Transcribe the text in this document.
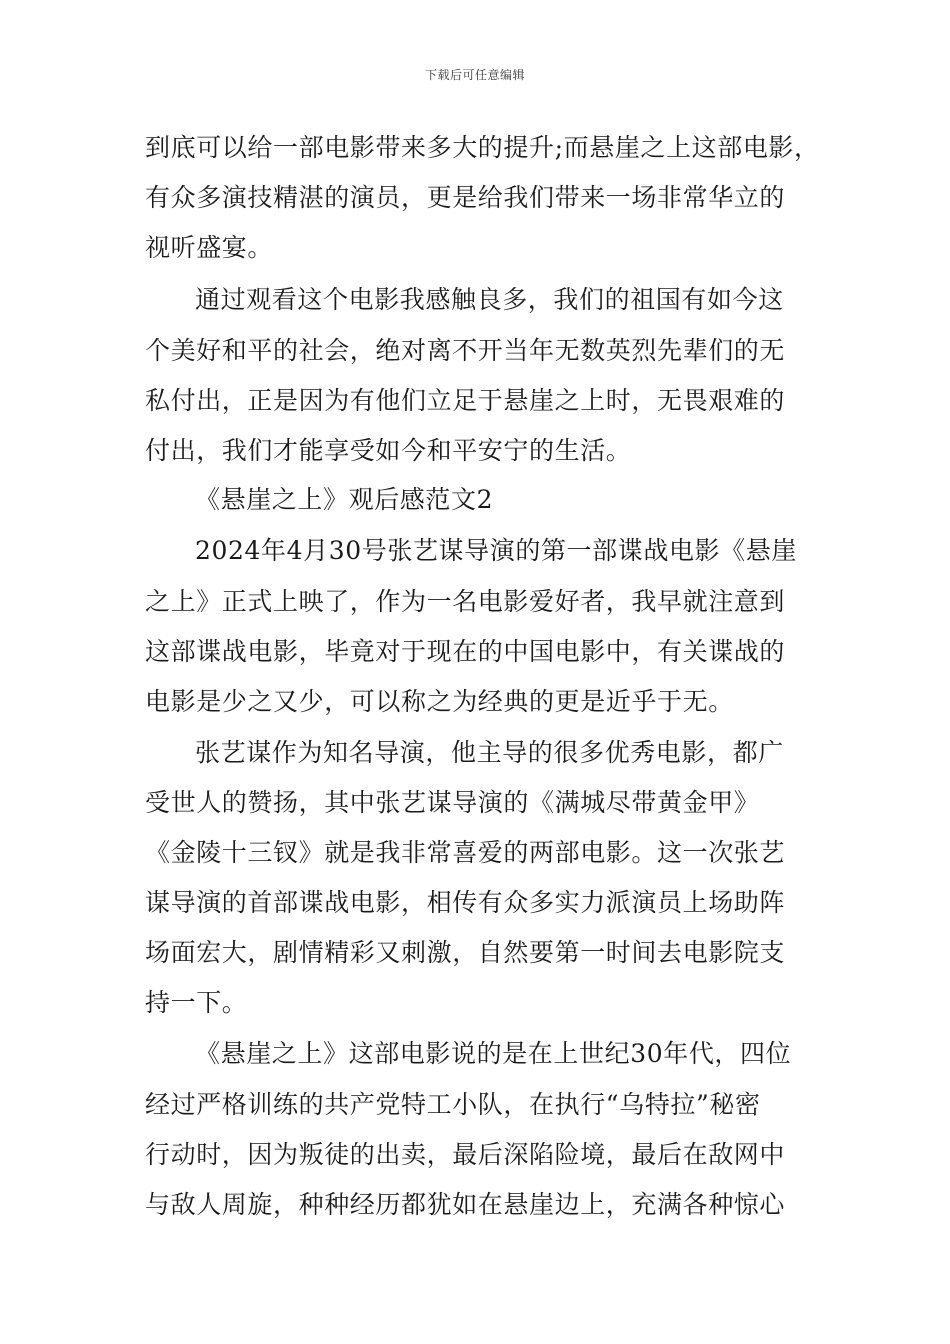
下载后可任意编辑
到底可以给一部电影带来多大的提升;而悬崖之上这部电影，
有众多演技精湛的演员，更是给我们带来一场非常华立的
视听盛宴。
通过观看这个电影我感触良多，我们的祖国有如今这
个美好和平的社会，绝对离不开当年无数英烈先辈们的无
私付出，正是因为有他们立足于悬崖之上时，无畏艰难的
付出，我们才能享受如今和平安宁的生活。
《悬崖之上》观后感范文2
2024年4月30号张艺谋导演的第一部谍战电影《悬崖
之上》正式上映了，作为一名电影爱好者，我早就注意到
这部谍战电影，毕竟对于现在的中国电影中，有关谍战的
电影是少之又少，可以称之为经典的更是近乎于无。
张艺谋作为知名导演，他主导的很多优秀电影，都广
受世人的赞扬，其中张艺谋导演的《满城尽带黄金甲》
《金陵十三钗》就是我非常喜爱的两部电影。这一次张艺
谋导演的首部谍战电影，相传有众多实力派演员上场助阵
场面宏大，剧情精彩又刺激，自然要第一时间去电影院支
持一下。
《悬崖之上》这部电影说的是在上世纪30年代，四位
经过严格训练的共产党特工小队，在执行“乌特拉”秘密
行动时，因为叛徒的出卖，最后深陷险境，最后在敌网中
与敌人周旋，种种经历都犹如在悬崖边上，充满各种惊心
